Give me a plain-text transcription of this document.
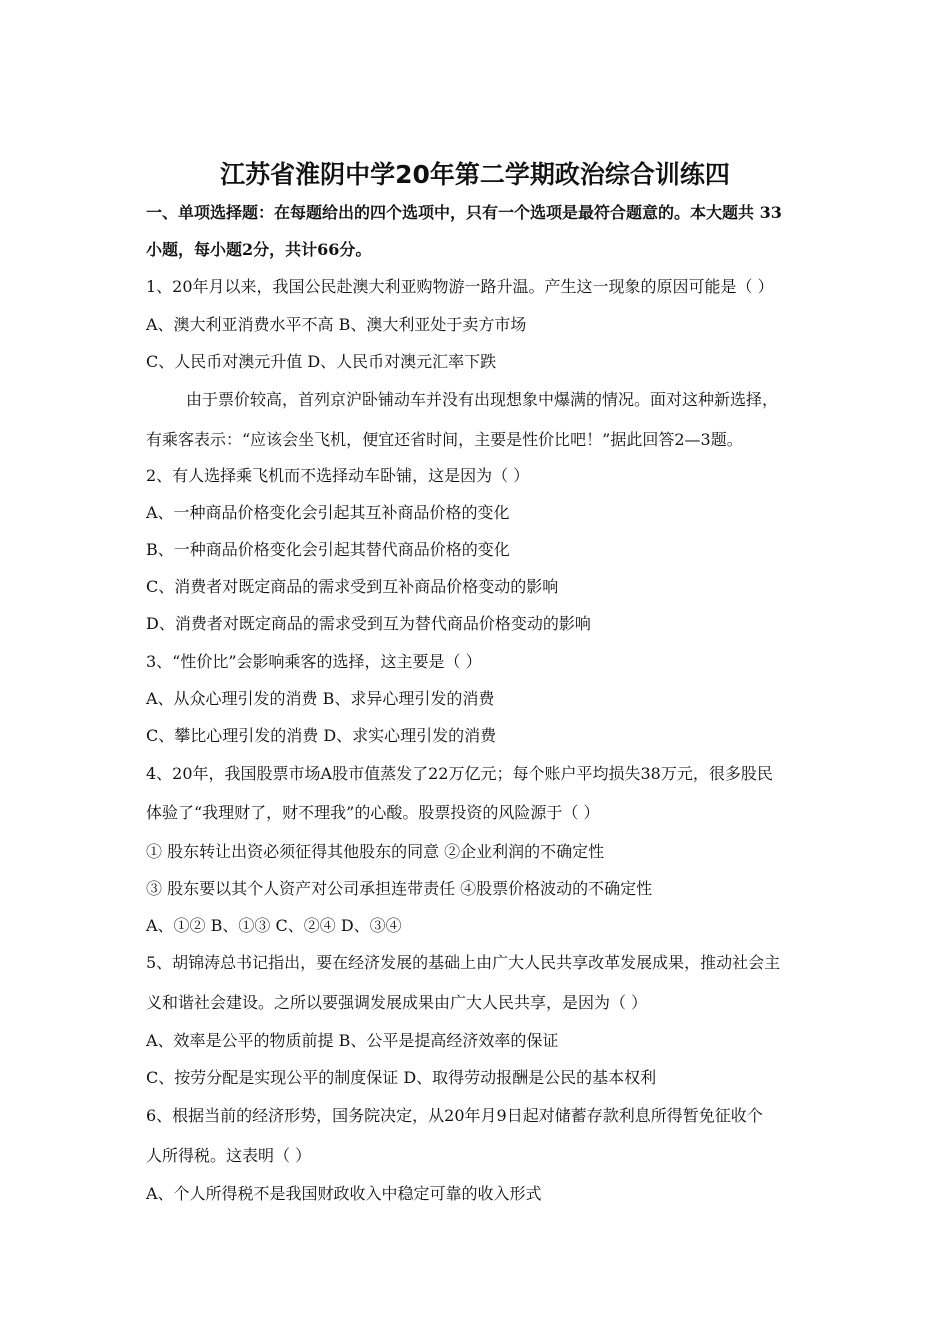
江苏省淮阴中学20年第二学期政治综合训练四
一、单项选择题：在每题给出的四个选项中，只有一个选项是最符合题意的。本大题共 33
小题，每小题2分，共计66分。
1、20年月以来，我国公民赴澳大利亚购物游一路升温。产生这一现象的原因可能是（ ）
A、澳大利亚消费水平不高 B、澳大利亚处于卖方市场
C、人民币对澳元升值 D、人民币对澳元汇率下跌
由于票价较高，首列京沪卧铺动车并没有出现想象中爆满的情况。面对这种新选择，
有乘客表示：“应该会坐飞机，便宜还省时间，主要是性价比吧！”据此回答2—3题。
2、有人选择乘飞机而不选择动车卧铺，这是因为（ ）
A、一种商品价格变化会引起其互补商品价格的变化
B、一种商品价格变化会引起其替代商品价格的变化
C、消费者对既定商品的需求受到互补商品价格变动的影响
D、消费者对既定商品的需求受到互为替代商品价格变动的影响
3、“性价比”会影响乘客的选择，这主要是（ ）
A、从众心理引发的消费 B、求异心理引发的消费
C、攀比心理引发的消费 D、求实心理引发的消费
4、20年，我国股票市场A股市值蒸发了22万亿元；每个账户平均损失38万元，很多股民
体验了“我理财了，财不理我”的心酸。股票投资的风险源于（ ）
① 股东转让出资必须征得其他股东的同意 ②企业利润的不确定性
③ 股东要以其个人资产对公司承担连带责任 ④股票价格波动的不确定性
A、①② B、①③ C、②④ D、③④
5、胡锦涛总书记指出，要在经济发展的基础上由广大人民共享改革发展成果，推动社会主
义和谐社会建设。之所以要强调发展成果由广大人民共享，是因为（ ）
A、效率是公平的物质前提 B、公平是提高经济效率的保证
C、按劳分配是实现公平的制度保证 D、取得劳动报酬是公民的基本权利
6、根据当前的经济形势，国务院决定，从20年月9日起对储蓄存款利息所得暂免征收个
人所得税。这表明（ ）
A、个人所得税不是我国财政收入中稳定可靠的收入形式
